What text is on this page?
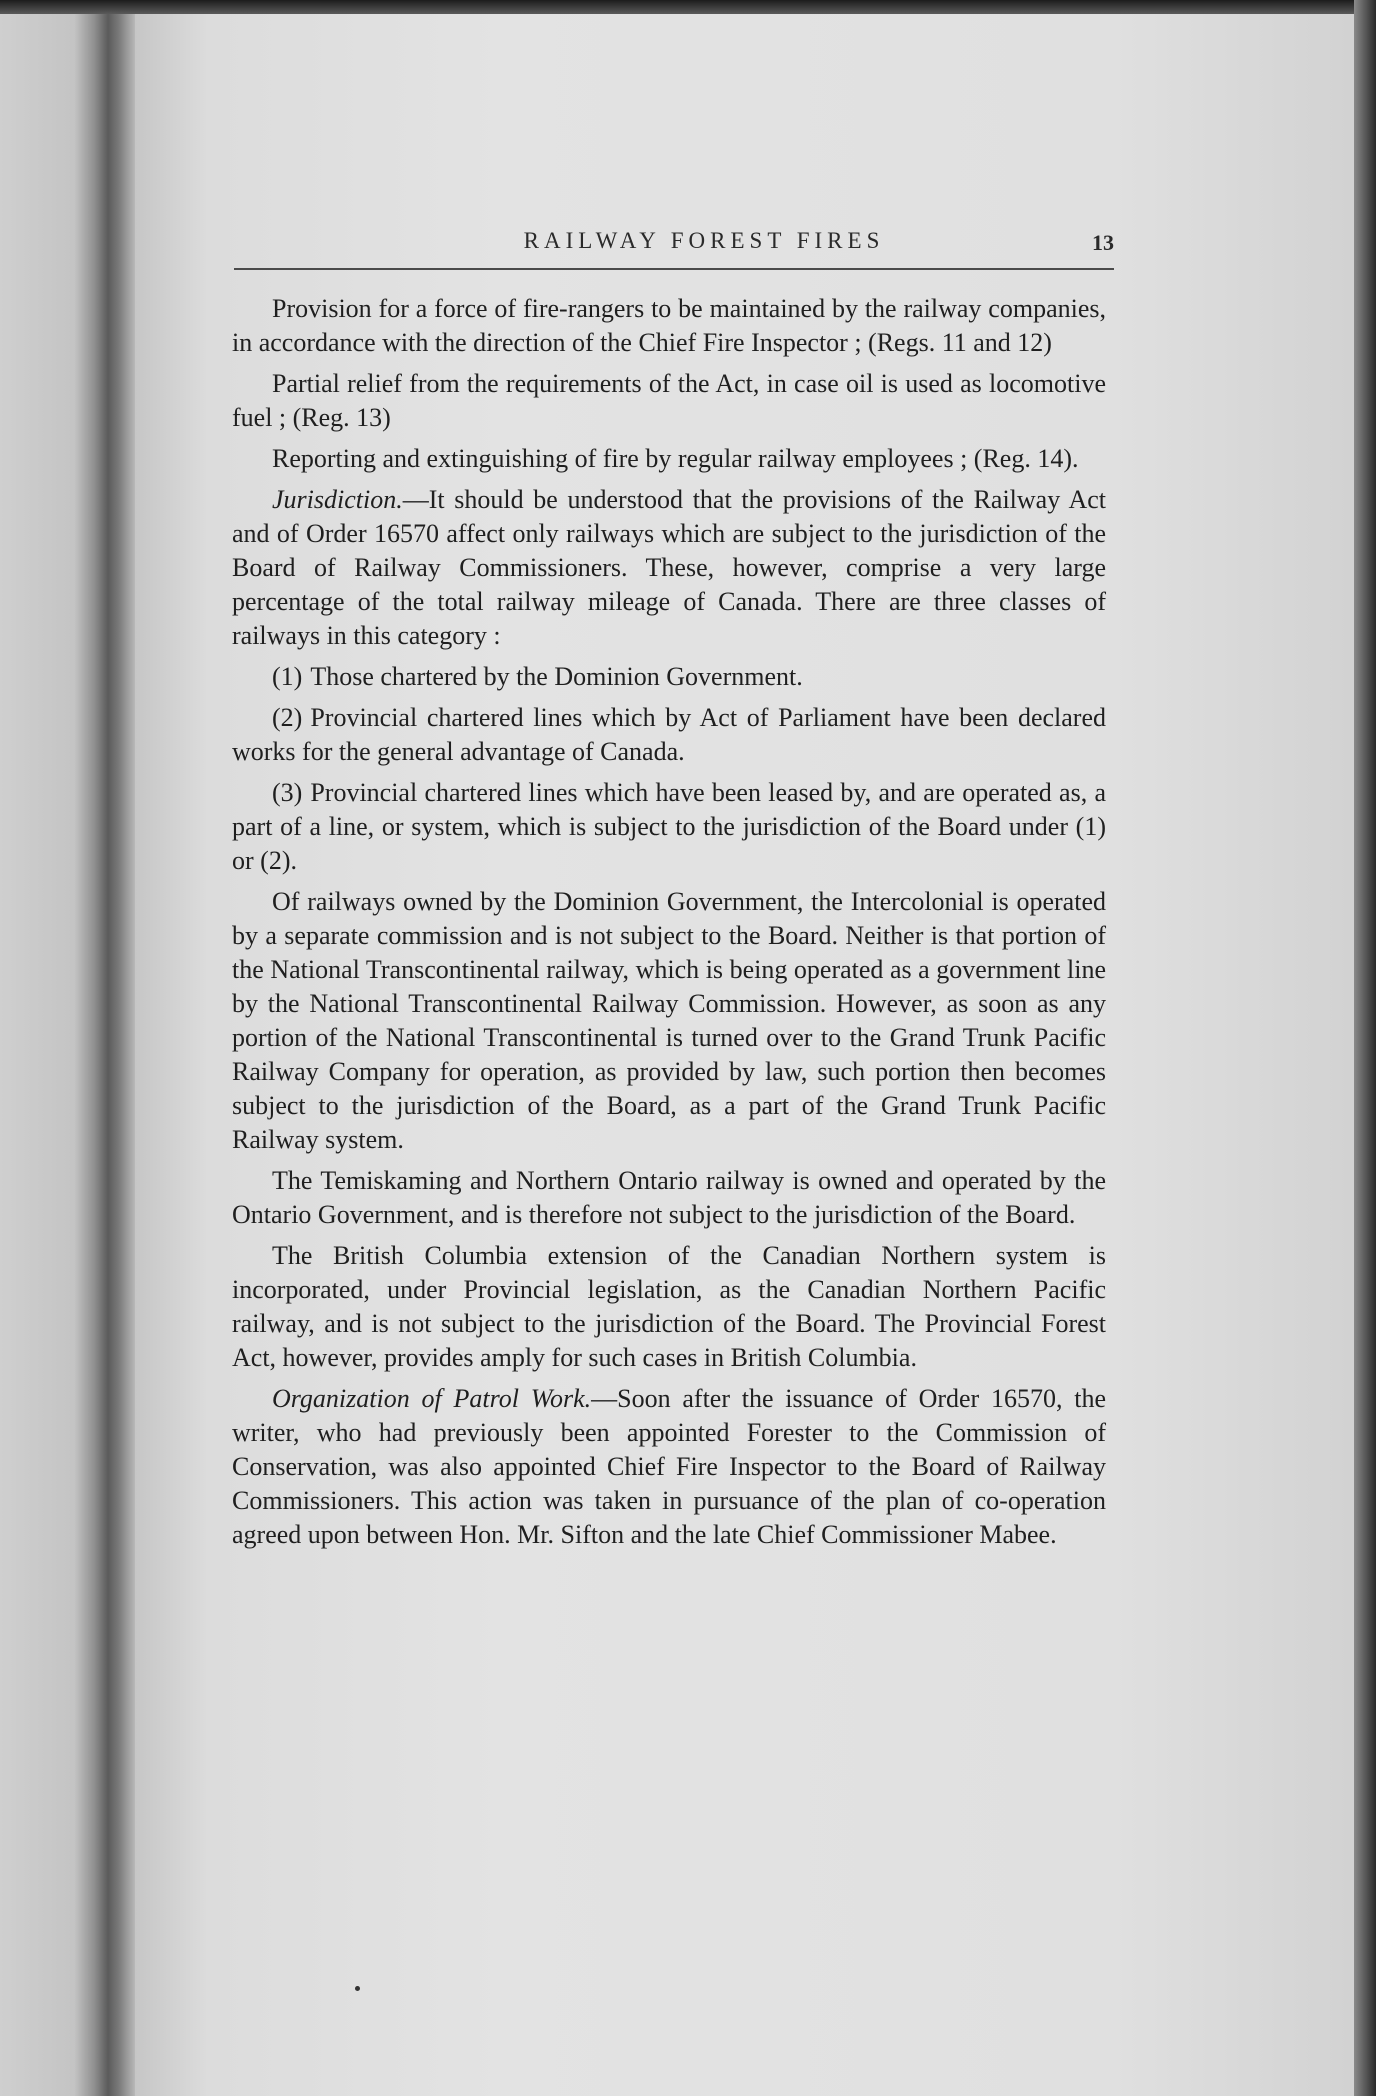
RAILWAY FOREST FIRES	13

Provision for a force of fire-rangers to be maintained by the railway companies, in accordance with the direction of the Chief Fire Inspector ; (Regs. 11 and 12)

Partial relief from the requirements of the Act, in case oil is used as locomotive fuel ; (Reg. 13)

Reporting and extinguishing of fire by regular railway employees ; (Reg. 14).

Jurisdiction.—It should be understood that the provisions of the Railway Act and of Order 16570 affect only railways which are subject to the jurisdiction of the Board of Railway Commissioners. These, however, comprise a very large percentage of the total railway mileage of Canada. There are three classes of railways in this category :

(1) Those chartered by the Dominion Government.

(2) Provincial chartered lines which by Act of Parliament have been declared works for the general advantage of Canada.

(3) Provincial chartered lines which have been leased by, and are operated as, a part of a line, or system, which is subject to the jurisdiction of the Board under (1) or (2).

Of railways owned by the Dominion Government, the Intercolonial is operated by a separate commission and is not subject to the Board. Neither is that portion of the National Transcontinental railway, which is being operated as a government line by the National Transcontinental Railway Commission. However, as soon as any portion of the National Transcontinental is turned over to the Grand Trunk Pacific Railway Company for operation, as provided by law, such portion then becomes subject to the jurisdiction of the Board, as a part of the Grand Trunk Pacific Railway system.

The Temiskaming and Northern Ontario railway is owned and operated by the Ontario Government, and is therefore not subject to the jurisdiction of the Board.

The British Columbia extension of the Canadian Northern system is incorporated, under Provincial legislation, as the Canadian Northern Pacific railway, and is not subject to the jurisdiction of the Board. The Provincial Forest Act, however, provides amply for such cases in British Columbia.

Organization of Patrol Work.—Soon after the issuance of Order 16570, the writer, who had previously been appointed Forester to the Commission of Conservation, was also appointed Chief Fire Inspector to the Board of Railway Commissioners. This action was taken in pursuance of the plan of co-operation agreed upon between Hon. Mr. Sifton and the late Chief Commissioner Mabee.
